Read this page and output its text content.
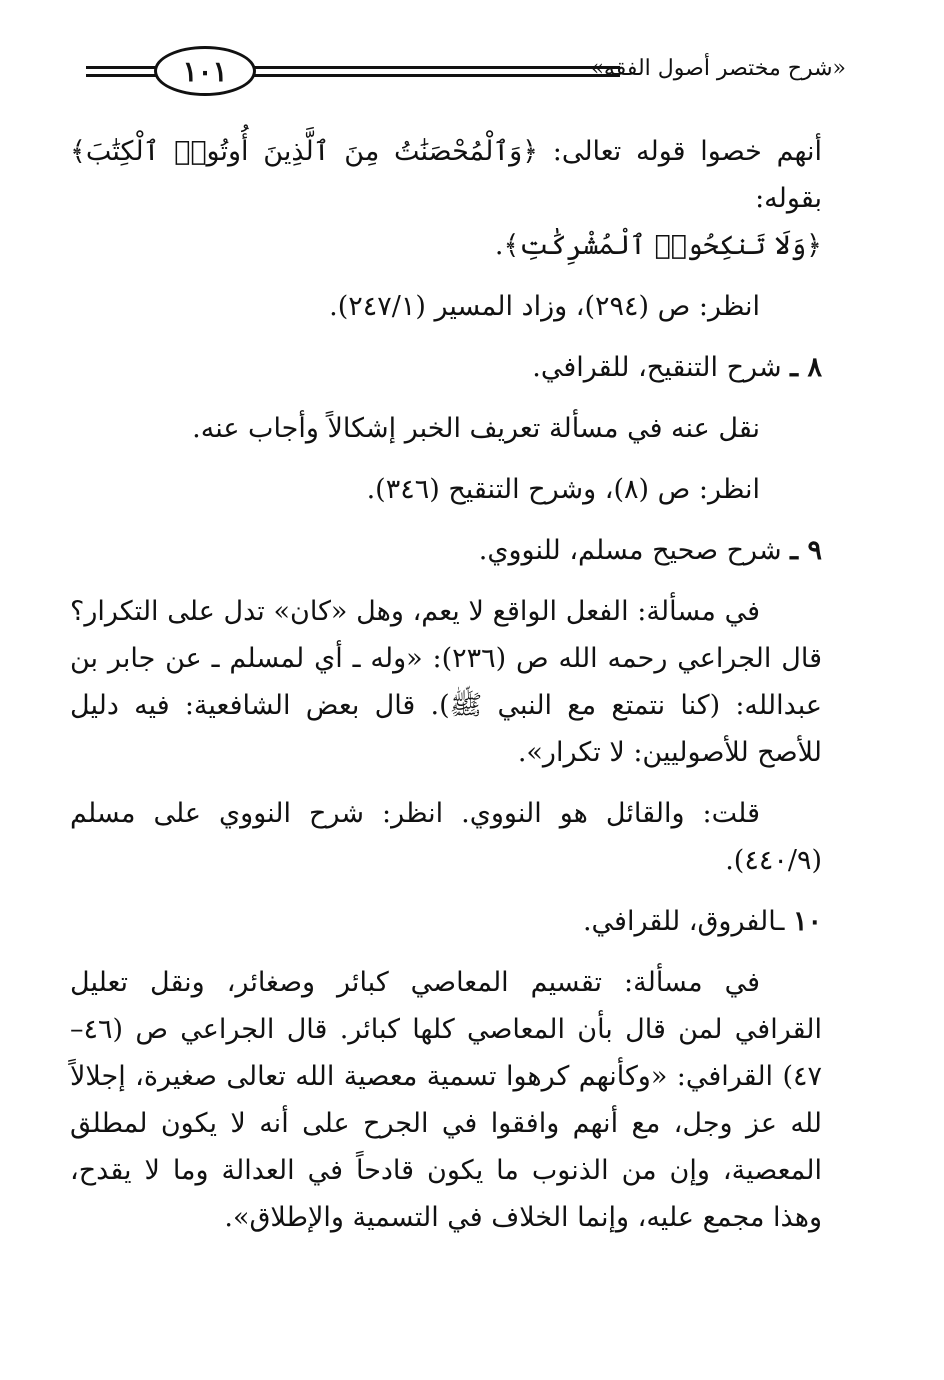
١٠١	«شرح مختصر أصول الفقه»

أنهم خصوا قوله تعالى: ﴿وَٱلْمُحْصَنَٰتُ مِنَ ٱلَّذِينَ أُوتُوا۟ ٱلْكِتَٰبَ﴾ بقوله:
﴿وَلَا تَنكِحُوا۟ ٱلْمُشْرِكَٰتِ﴾.

انظر: ص (٢٩٤)، وزاد المسير (٢٤٧/١).

٨ ـ شرح التنقيح، للقرافي.

نقل عنه في مسألة تعريف الخبر إشكالاً وأجاب عنه.

انظر: ص (٨)، وشرح التنقيح (٣٤٦).

٩ ـ شرح صحيح مسلم، للنووي.

في مسألة: الفعل الواقع لا يعم، وهل «كان» تدل على التكرار؟ قال الجراعي رحمه الله ص (٢٣٦): «وله ـ أي لمسلم ـ عن جابر بن عبدالله: (كنا نتمتع مع النبي ﷺ). قال بعض الشافعية: فيه دليل للأصح للأصوليين: لا تكرار».

قلت: والقائل هو النووي. انظر: شرح النووي على مسلم (٤٤٠/٩).

١٠ ـالفروق، للقرافي.

في مسألة: تقسيم المعاصي كبائر وصغائر، ونقل تعليل القرافي لمن قال بأن المعاصي كلها كبائر. قال الجراعي ص (٤٦– ٤٧) القرافي: «وكأنهم كرهوا تسمية معصية الله تعالى صغيرة، إجلالاً لله عز وجل، مع أنهم وافقوا في الجرح على أنه لا يكون لمطلق المعصية، وإن من الذنوب ما يكون قادحاً في العدالة وما لا يقدح، وهذا مجمع عليه، وإنما الخلاف في التسمية والإطلاق».
